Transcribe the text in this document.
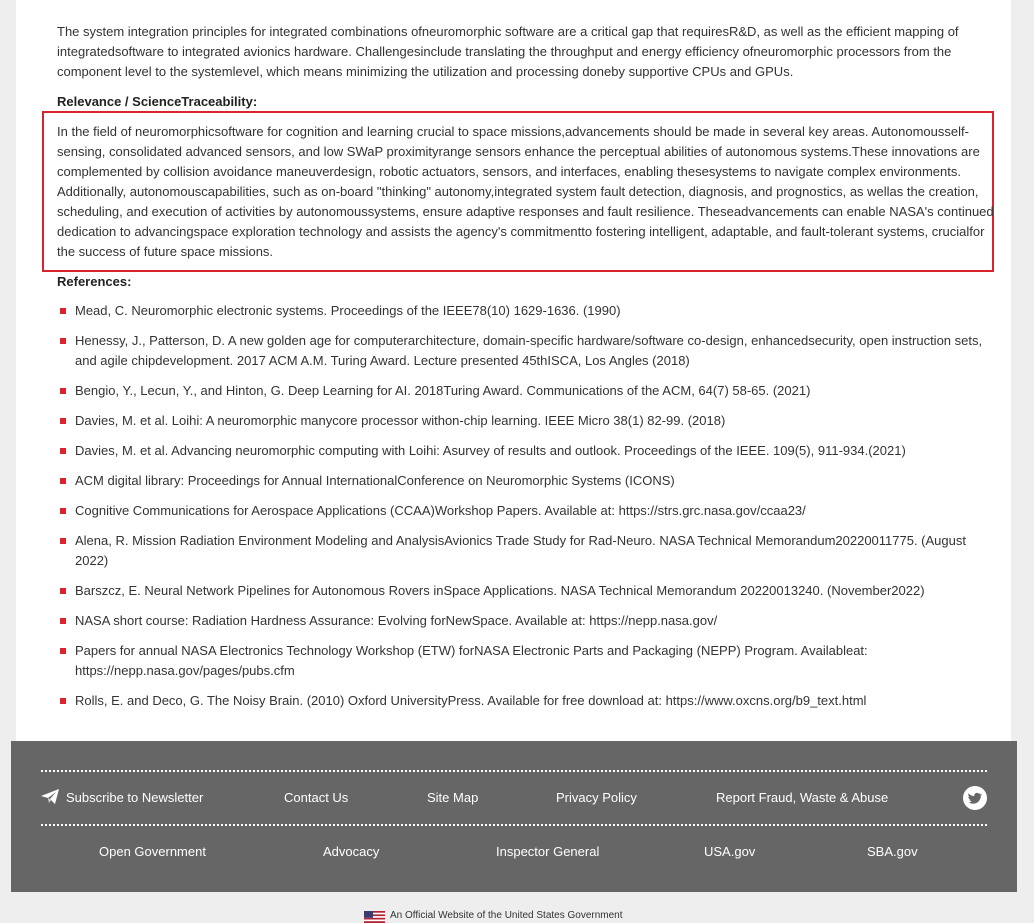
The system integration principles for integrated combinations ofneuromorphic software are a critical gap that requiresR&D, as well as the efficient mapping of integratedsoftware to integrated avionics hardware. Challengesinclude translating the throughput and energy efficiency ofneuromorphic processors from the component level to the systemlevel, which means minimizing the utilization and processing doneby supportive CPUs and GPUs.

Relevance / ScienceTraceability:

In the field of neuromorphicsoftware for cognition and learning crucial to space missions,advancements should be made in several key areas. Autonomousself-sensing, consolidated advanced sensors, and low SWaP proximityrange sensors enhance the perceptual abilities of autonomous systems.These innovations are complemented by collision avoidance maneuverdesign, robotic actuators, sensors, and interfaces, enabling thesesystems to navigate complex environments. Additionally, autonomouscapabilities, such as on-board "thinking" autonomy,integrated system fault detection, diagnosis, and prognostics, as wellas the creation, scheduling, and execution of activities by autonomoussystems, ensure adaptive responses and fault resilience. Theseadvancements can enable NASA's continued dedication to advancingspace exploration technology and assists the agency's commitmentto fostering intelligent, adaptable, and fault-tolerant systems, crucialfor the success of future space missions.

References:

Mead, C. Neuromorphic electronic systems. Proceedings of the IEEE78(10) 1629-1636. (1990)
Henessy, J., Patterson, D. A new golden age for computerarchitecture, domain-specific hardware/software co-design, enhancedsecurity, open instruction sets, and agile chipdevelopment. 2017 ACM A.M. Turing Award. Lecture presented 45thISCA, Los Angles (2018)
Bengio, Y., Lecun, Y., and Hinton, G. Deep Learning for AI. 2018Turing Award. Communications of the ACM, 64(7) 58-65. (2021)
Davies, M. et al. Loihi: A neuromorphic manycore processor withon-chip learning. IEEE Micro 38(1) 82-99. (2018)
Davies, M. et al. Advancing neuromorphic computing with Loihi: Asurvey of results and outlook. Proceedings of the IEEE. 109(5), 911-934.(2021)
ACM digital library: Proceedings for Annual InternationalConference on Neuromorphic Systems (ICONS)
Cognitive Communications for Aerospace Applications (CCAA)Workshop Papers. Available at: https://strs.grc.nasa.gov/ccaa23/
Alena, R. Mission Radiation Environment Modeling and AnalysisAvionics Trade Study for Rad-Neuro. NASA Technical Memorandum20220011775. (August 2022)
Barszcz, E. Neural Network Pipelines for Autonomous Rovers inSpace Applications. NASA Technical Memorandum 20220013240. (November2022)
NASA short course: Radiation Hardness Assurance: Evolving forNewSpace. Available at: https://nepp.nasa.gov/
Papers for annual NASA Electronics Technology Workshop (ETW) forNASA Electronic Parts and Packaging (NEPP) Program. Availableat: https://nepp.nasa.gov/pages/pubs.cfm
Rolls, E. and Deco, G. The Noisy Brain. (2010) Oxford UniversityPress. Available for free download at: https://www.oxcns.org/b9_text.html
Subscribe to Newsletter	Contact Us	Site Map	Privacy Policy	Report Fraud, Waste & Abuse
Open Government	Advocacy	Inspector General	USA.gov	SBA.gov
An Official Website of the United States Government
